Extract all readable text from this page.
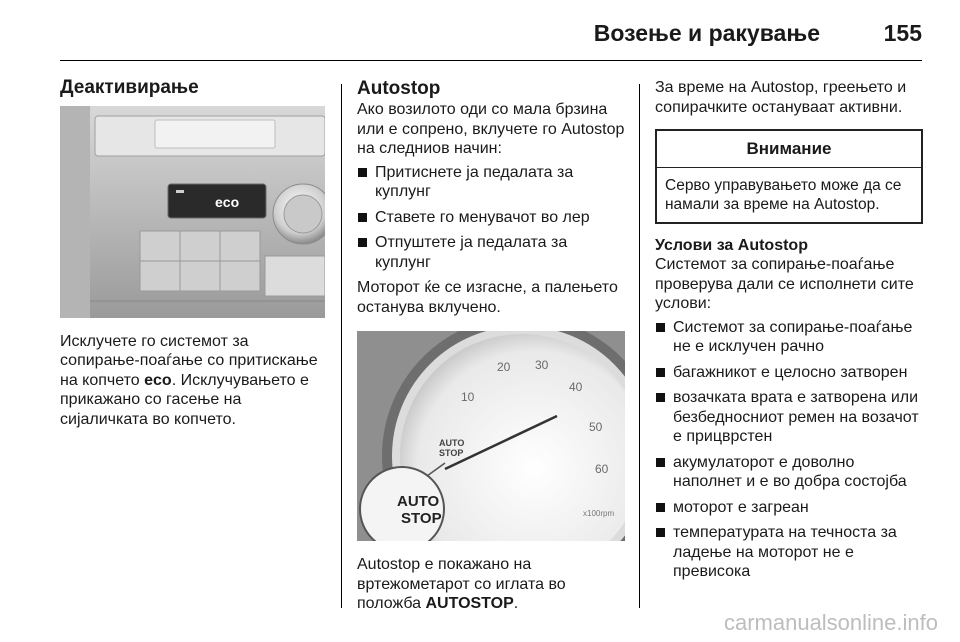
Возење и ракување	155
Деактивирање
eco

Исклучете го системот за сопирање-поаѓање со притискање на копчето eco. Исклучувањето е прикажано со гасење на сијаличката во копчето.

Autostop

Ако возилото оди со мала брзина или е сопрено, вклучете го Autostop на следниов начин:

Притиснете ја педалата за куплунг
Ставете го менувачот во лер
Отпуштете ја педалата за куплунг

Моторот ќе се изгасне, а палењето останува вклучено.

10
20 30
40
50
60
AUTO
STOP
x100rpm
AUTO
STOP

Autostop е покажано на вртежометарот со иглата во положба AUTOSTOP.

За време на Autostop, греењето и сопирачките остануваат активни.

Внимание
Серво управувањето може да се намали за време на Autostop.
Услови за Autostop

Системот за сопирање-поаѓање проверува дали се исполнети сите услови:

Системот за сопирање-поаѓање не е исклучен рачно
багажникот е целосно затворен
возачката врата е затворена или безбедносниот ремен на возачот е прицврстен
акумулаторот е доволно наполнет и е во добра состојба
моторот е загреан
температурата на течноста за ладење на моторот не е превисока
carmanualsonline.info
